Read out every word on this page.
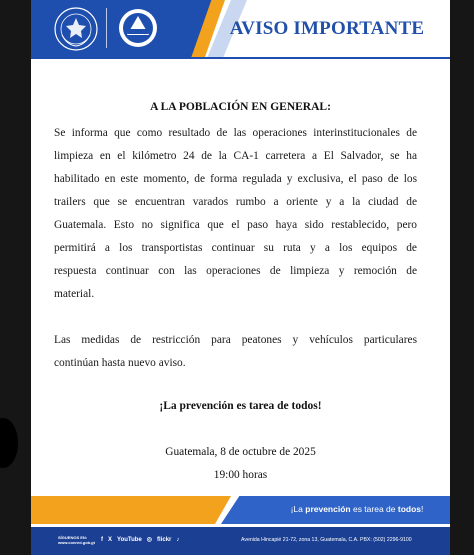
AVISO IMPORTANTE
A LA POBLACIÓN EN GENERAL:
Se informa que como resultado de las operaciones interinstitucionales de
limpieza en el kilómetro 24 de la CA-1 carretera a El Salvador, se ha
habilitado en este momento, de forma regulada y exclusiva, el paso de los
trailers que se encuentran varados rumbo a oriente y a la ciudad de
Guatemala. Esto no significa que el paso haya sido restablecido, pero
permitirá a los transportistas continuar su ruta y a los equipos de
respuesta continuar con las operaciones de limpieza y remoción de
material.
Las medidas de restricción para peatones y vehículos particulares
continúan hasta nuevo aviso.
¡La prevención es tarea de todos!
Guatemala, 8 de octubre de 2025
19:00 horas
¡La prevención es tarea de todos!
SÍGUENOS EN:
www.conred.gob.gt f X YouTube ◎ flickr ♪	Avenida Hincapié 21-72, zona 13, Guatemala, C.A. PBX: (502) 2296-9100
